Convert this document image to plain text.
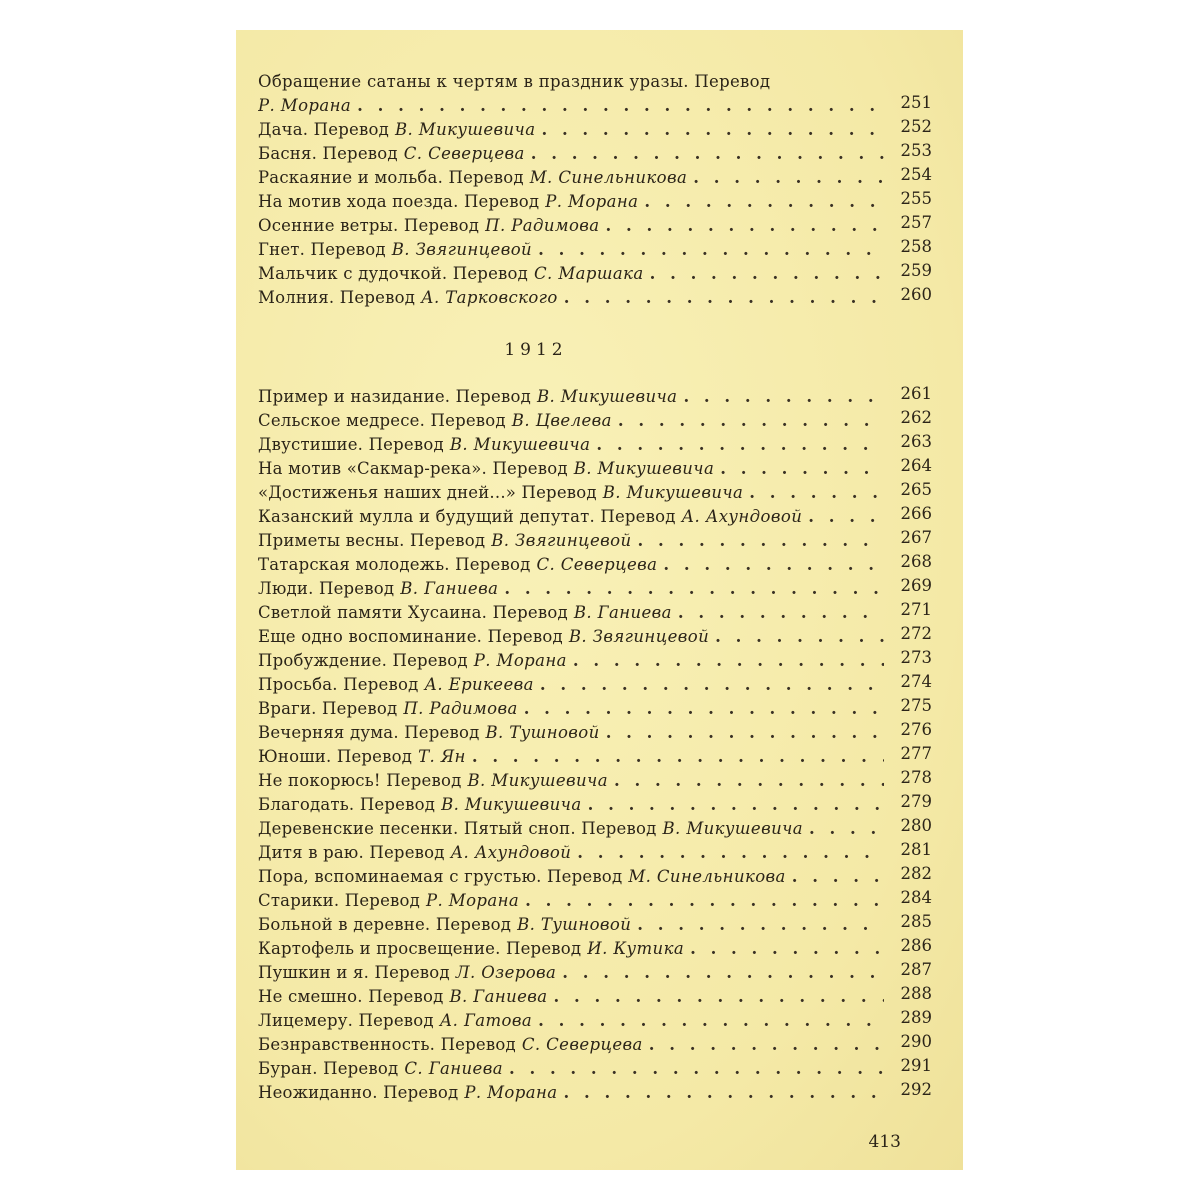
Обращение сатаны к чертям в праздник уразы. Перевод
Р. Морана . . .	251
Дача. Перевод В. Микушевича . . .	252
Басня. Перевод С. Северцева . . .	253
Раскаяние и мольба. Перевод М. Синельникова . . .	254
На мотив хода поезда. Перевод Р. Морана . . .	255
Осенние ветры. Перевод П. Радимова . . .	257
Гнет. Перевод В. Звягинцевой . . .	258
Мальчик с дудочкой. Перевод С. Маршака . . .	259
Молния. Перевод А. Тарковского . . .	260
1912
Пример и назидание. Перевод В. Микушевича . . .	261
Сельское медресе. Перевод В. Цвелева . . .	262
Двустишие. Перевод В. Микушевича . . .	263
На мотив «Сакмар-река». Перевод В. Микушевича . . .	264
«Достиженья наших дней...» Перевод В. Микушевича . . .	265
Казанский мулла и будущий депутат. Перевод А. Ахундовой . . .	266
Приметы весны. Перевод В. Звягинцевой . . .	267
Татарская молодежь. Перевод С. Северцева . . .	268
Люди. Перевод В. Ганиева . . .	269
Светлой памяти Хусаина. Перевод В. Ганиева . . .	271
Еще одно воспоминание. Перевод В. Звягинцевой . . .	272
Пробуждение. Перевод Р. Морана . . .	273
Просьба. Перевод А. Ерикеева . . .	274
Враги. Перевод П. Радимова . . .	275
Вечерняя дума. Перевод В. Тушновой . . .	276
Юноши. Перевод Т. Ян . . .	277
Не покорюсь! Перевод В. Микушевича . . .	278
Благодать. Перевод В. Микушевича . . .	279
Деревенские песенки. Пятый сноп. Перевод В. Микушевича . . .	280
Дитя в раю. Перевод А. Ахундовой . . .	281
Пора, вспоминаемая с грустью. Перевод М. Синельникова . . .	282
Старики. Перевод Р. Морана . . .	284
Больной в деревне. Перевод В. Тушновой . . .	285
Картофель и просвещение. Перевод И. Кутика . . .	286
Пушкин и я. Перевод Л. Озерова . . .	287
Не смешно. Перевод В. Ганиева . . .	288
Лицемеру. Перевод А. Гатова . . .	289
Безнравственность. Перевод С. Северцева . . .	290
Буран. Перевод С. Ганиева . . .	291
Неожиданно. Перевод Р. Морана . . .	292
413
